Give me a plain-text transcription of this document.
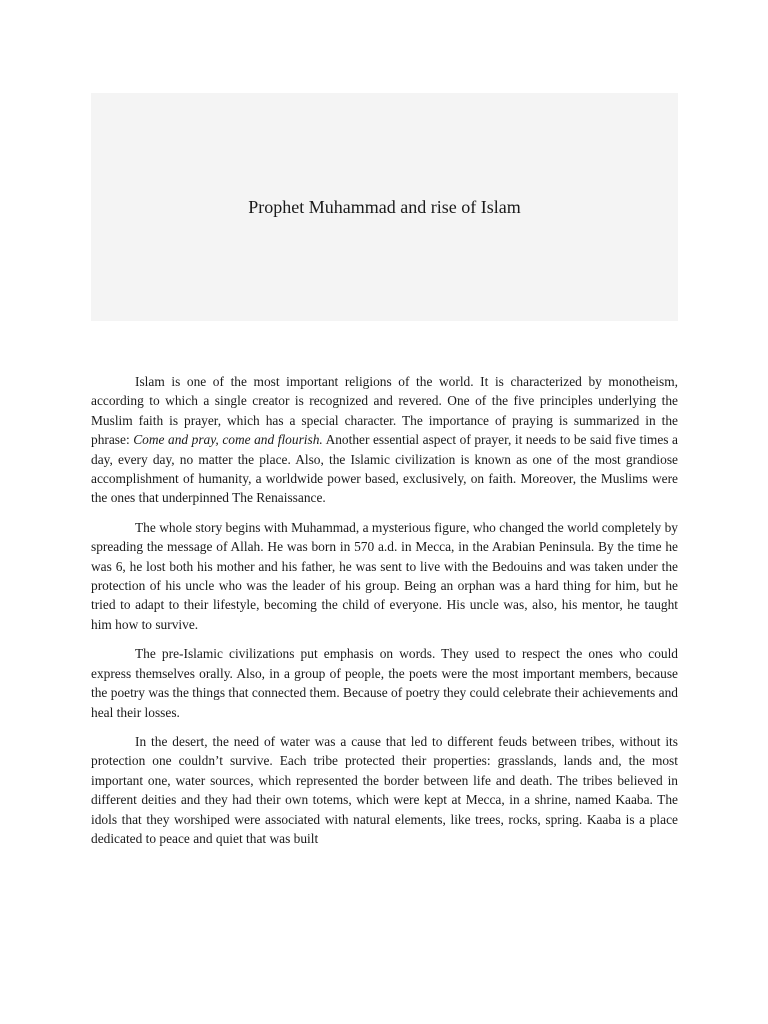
Prophet Muhammad and rise of Islam

Islam is one of the most important religions of the world. It is characterized by monotheism, according to which a single creator is recognized and revered. One of the five principles underlying the Muslim faith is prayer, which has a special character. The importance of praying is summarized in the phrase: Come and pray, come and flourish. Another essential aspect of prayer, it needs to be said five times a day, every day, no matter the place. Also, the Islamic civilization is known as one of the most grandiose accomplishment of humanity, a worldwide power based, exclusively, on faith. Moreover, the Muslims were the ones that underpinned The Renaissance.

The whole story begins with Muhammad, a mysterious figure, who changed the world completely by spreading the message of Allah. He was born in 570 a.d. in Mecca, in the Arabian Peninsula. By the time he was 6, he lost both his mother and his father, he was sent to live with the Bedouins and was taken under the protection of his uncle who was the leader of his group. Being an orphan was a hard thing for him, but he tried to adapt to their lifestyle, becoming the child of everyone. His uncle was, also, his mentor, he taught him how to survive.

The pre-Islamic civilizations put emphasis on words. They used to respect the ones who could express themselves orally. Also, in a group of people, the poets were the most important members, because the poetry was the things that connected them. Because of poetry they could celebrate their achievements and heal their losses.

In the desert, the need of water was a cause that led to different feuds between tribes, without its protection one couldn’t survive. Each tribe protected their properties: grasslands, lands and, the most important one, water sources, which represented the border between life and death. The tribes believed in different deities and they had their own totems, which were kept at Mecca, in a shrine, named Kaaba. The idols that they worshiped were associated with natural elements, like trees, rocks, spring. Kaaba is a place dedicated to peace and quiet that was built
